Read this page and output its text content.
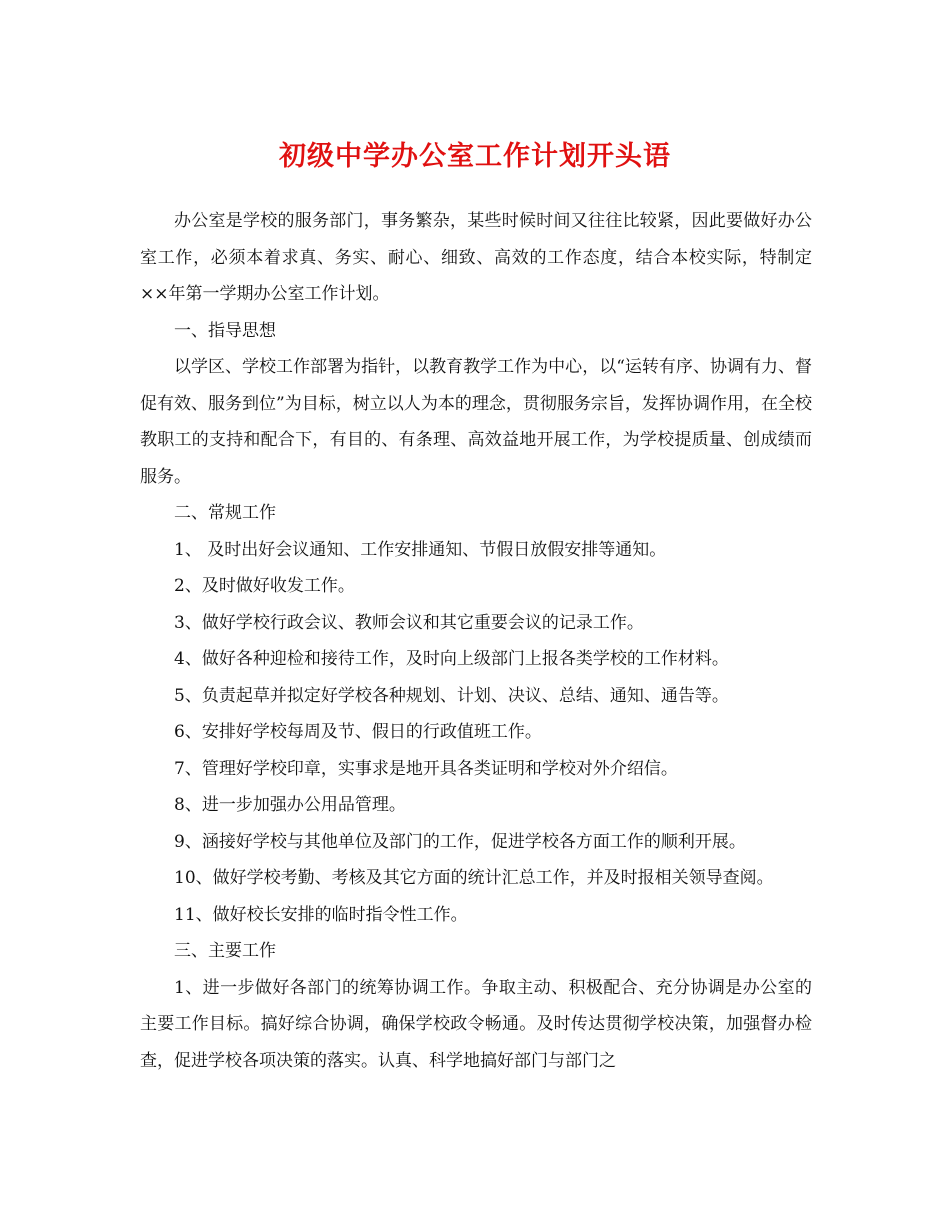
初级中学办公室工作计划开头语

办公室是学校的服务部门，事务繁杂，某些时候时间又往往比较紧，因此要做好办公室工作，必须本着求真、务实、耐心、细致、高效的工作态度，结合本校实际，特制定××年第一学期办公室工作计划。

一、指导思想

以学区、学校工作部署为指针，以教育教学工作为中心，以“运转有序、协调有力、督促有效、服务到位”为目标，树立以人为本的理念，贯彻服务宗旨，发挥协调作用，在全校教职工的支持和配合下，有目的、有条理、高效益地开展工作，为学校提质量、创成绩而服务。

二、常规工作

1、 及时出好会议通知、工作安排通知、节假日放假安排等通知。

2、及时做好收发工作。

3、做好学校行政会议、教师会议和其它重要会议的记录工作。

4、做好各种迎检和接待工作，及时向上级部门上报各类学校的工作材料。

5、负责起草并拟定好学校各种规划、计划、决议、总结、通知、通告等。

6、安排好学校每周及节、假日的行政值班工作。

7、管理好学校印章，实事求是地开具各类证明和学校对外介绍信。

8、进一步加强办公用品管理。

9、涵接好学校与其他单位及部门的工作，促进学校各方面工作的顺利开展。

10、做好学校考勤、考核及其它方面的统计汇总工作，并及时报相关领导查阅。

11、做好校长安排的临时指令性工作。

三、主要工作

1、进一步做好各部门的统筹协调工作。争取主动、积极配合、充分协调是办公室的主要工作目标。搞好综合协调，确保学校政令畅通。及时传达贯彻学校决策，加强督办检查，促进学校各项决策的落实。认真、科学地搞好部门与部门之
